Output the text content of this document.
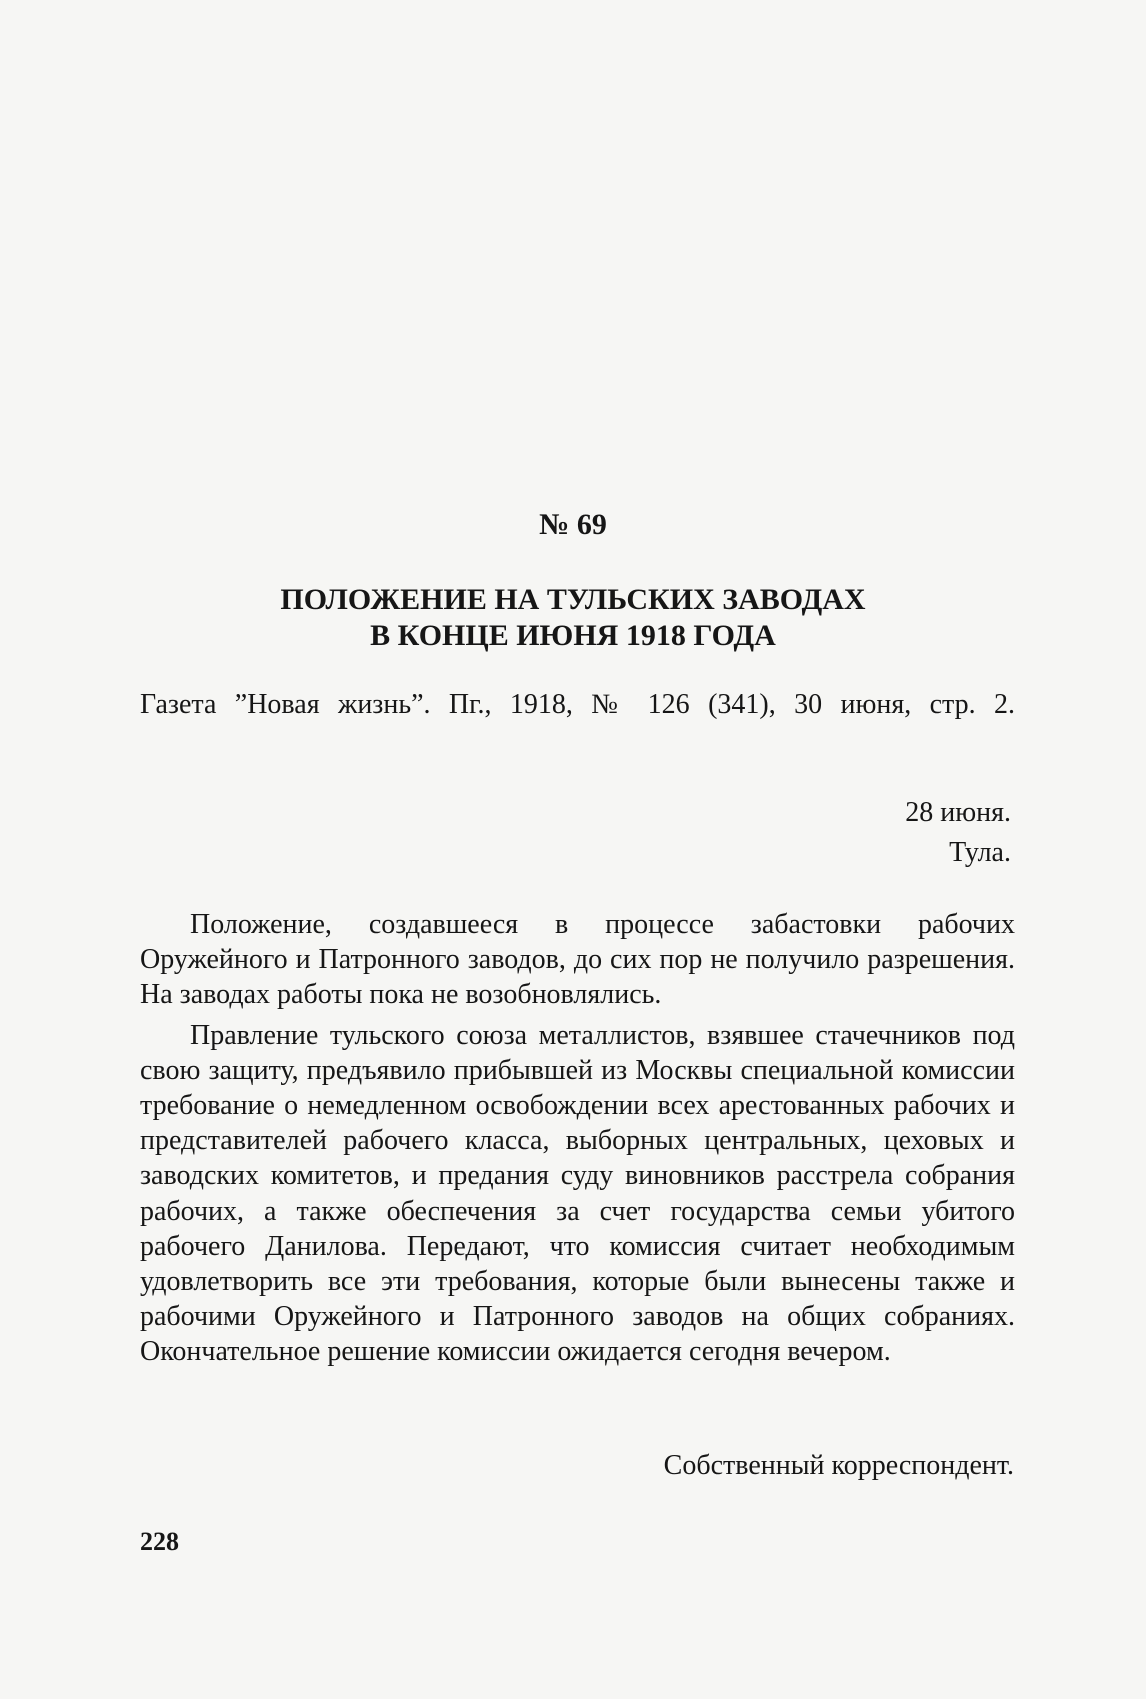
№ 69
ПОЛОЖЕНИЕ НА ТУЛЬСКИХ ЗАВОДАХ
В КОНЦЕ ИЮНЯ 1918 ГОДА
Газета ”Новая жизнь”. Пг., 1918, № 126 (341), 30 июня, стр. 2.
28 июня.
Тула.

Положение, создавшееся в процессе забастовки рабочих Оружейного и Патронного заводов, до сих пор не получило разрешения. На заводах работы пока не возобновлялись.

Правление тульского союза металлистов, взявшее стачечников под свою защиту, предъявило прибывшей из Москвы специальной комиссии требование о немедленном освобождении всех арестованных рабочих и представителей рабочего класса, выборных центральных, цеховых и заводских комитетов, и предания суду виновников расстрела собрания рабочих, а также обеспечения за счет государства семьи убитого рабочего Данилова. Передают, что комиссия считает необходимым удовлетворить все эти требования, которые были вынесены также и рабочими Оружейного и Патронного заводов на общих собраниях. Окончательное решение комиссии ожидается сегодня вечером.

Собственный корреспондент.
228
